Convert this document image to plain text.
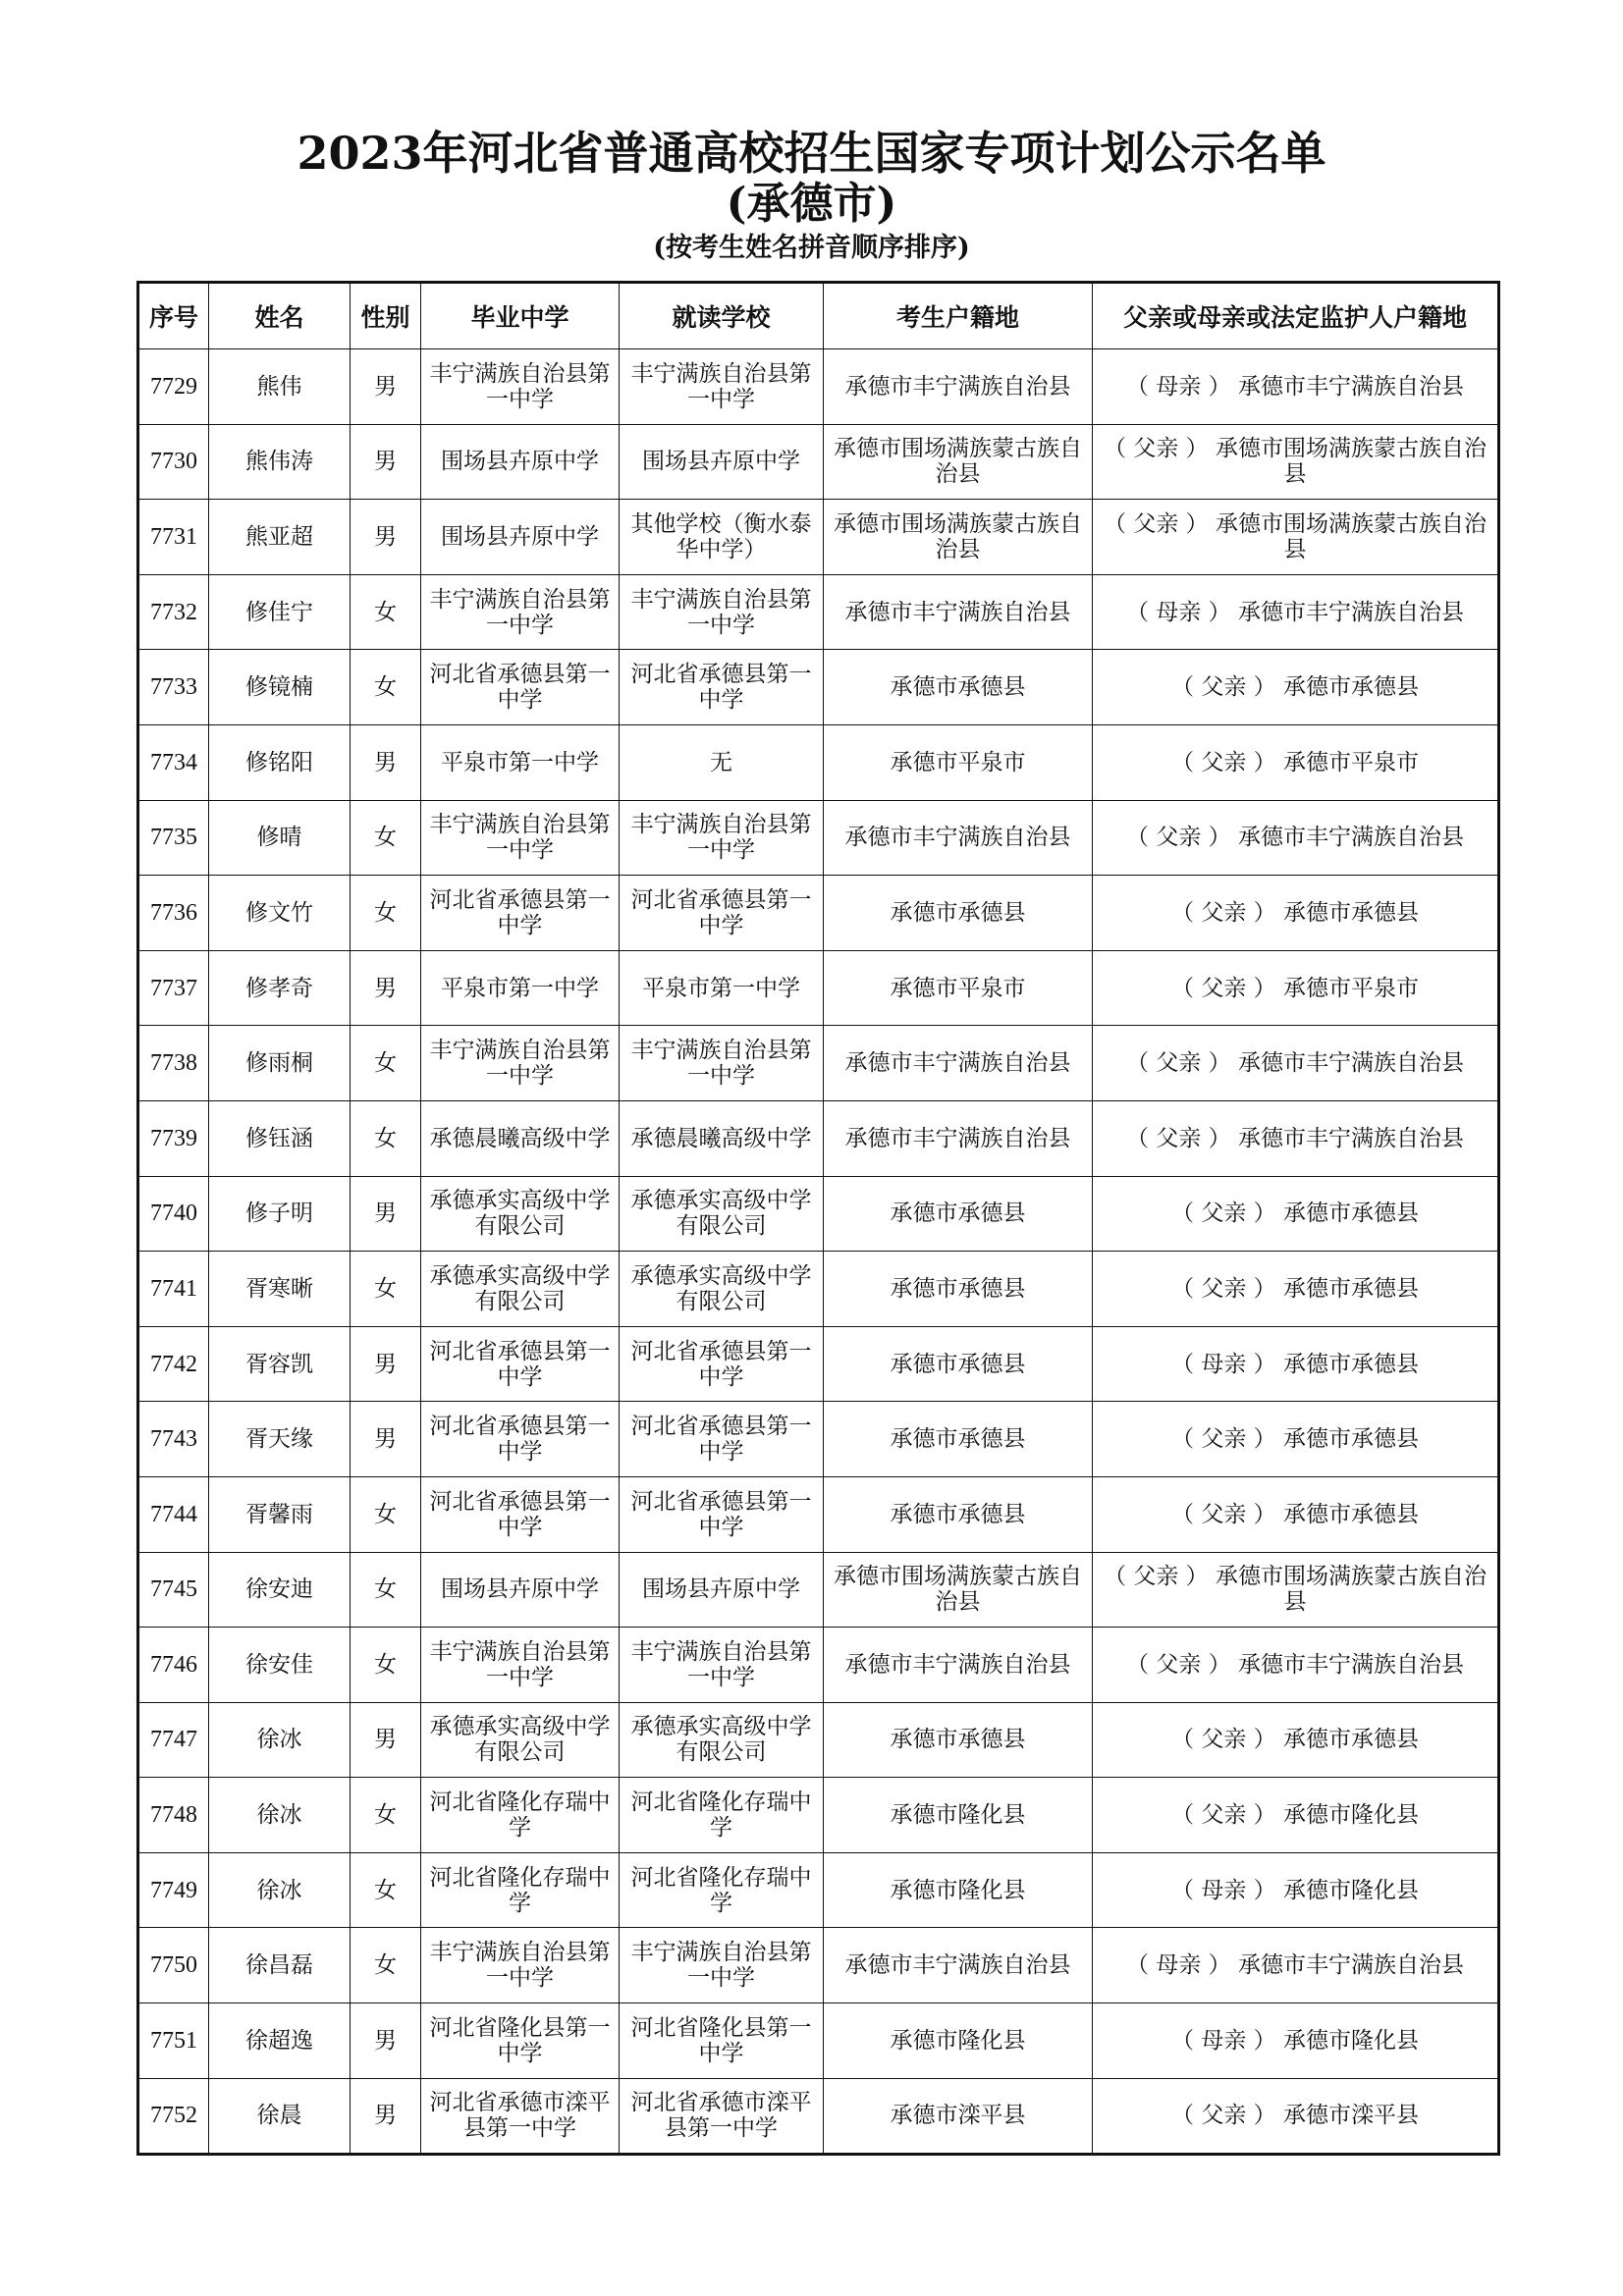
2023年河北省普通高校招生国家专项计划公示名单
(承德市)
(按考生姓名拼音顺序排序)
序号	姓名	性别	毕业中学	就读学校	考生户籍地	父亲或母亲或法定监护人户籍地
7729	熊伟	男	丰宁满族自治县第一中学	丰宁满族自治县第一中学	承德市丰宁满族自治县	（ 母亲 ） 承德市丰宁满族自治县
7730	熊伟涛	男	围场县卉原中学	围场县卉原中学	承德市围场满族蒙古族自治县	（ 父亲 ） 承德市围场满族蒙古族自治县
7731	熊亚超	男	围场县卉原中学	其他学校（衡水泰华中学）	承德市围场满族蒙古族自治县	（ 父亲 ） 承德市围场满族蒙古族自治县
7732	修佳宁	女	丰宁满族自治县第一中学	丰宁满族自治县第一中学	承德市丰宁满族自治县	（ 母亲 ） 承德市丰宁满族自治县
7733	修镜楠	女	河北省承德县第一中学	河北省承德县第一中学	承德市承德县	（ 父亲 ） 承德市承德县
7734	修铭阳	男	平泉市第一中学	无	承德市平泉市	（ 父亲 ） 承德市平泉市
7735	修晴	女	丰宁满族自治县第一中学	丰宁满族自治县第一中学	承德市丰宁满族自治县	（ 父亲 ） 承德市丰宁满族自治县
7736	修文竹	女	河北省承德县第一中学	河北省承德县第一中学	承德市承德县	（ 父亲 ） 承德市承德县
7737	修孝奇	男	平泉市第一中学	平泉市第一中学	承德市平泉市	（ 父亲 ） 承德市平泉市
7738	修雨桐	女	丰宁满族自治县第一中学	丰宁满族自治县第一中学	承德市丰宁满族自治县	（ 父亲 ） 承德市丰宁满族自治县
7739	修钰涵	女	承德晨曦高级中学	承德晨曦高级中学	承德市丰宁满族自治县	（ 父亲 ） 承德市丰宁满族自治县
7740	修子明	男	承德承实高级中学有限公司	承德承实高级中学有限公司	承德市承德县	（ 父亲 ） 承德市承德县
7741	胥寒晰	女	承德承实高级中学有限公司	承德承实高级中学有限公司	承德市承德县	（ 父亲 ） 承德市承德县
7742	胥容凯	男	河北省承德县第一中学	河北省承德县第一中学	承德市承德县	（ 母亲 ） 承德市承德县
7743	胥天缘	男	河北省承德县第一中学	河北省承德县第一中学	承德市承德县	（ 父亲 ） 承德市承德县
7744	胥馨雨	女	河北省承德县第一中学	河北省承德县第一中学	承德市承德县	（ 父亲 ） 承德市承德县
7745	徐安迪	女	围场县卉原中学	围场县卉原中学	承德市围场满族蒙古族自治县	（ 父亲 ） 承德市围场满族蒙古族自治县
7746	徐安佳	女	丰宁满族自治县第一中学	丰宁满族自治县第一中学	承德市丰宁满族自治县	（ 父亲 ） 承德市丰宁满族自治县
7747	徐冰	男	承德承实高级中学有限公司	承德承实高级中学有限公司	承德市承德县	（ 父亲 ） 承德市承德县
7748	徐冰	女	河北省隆化存瑞中学	河北省隆化存瑞中学	承德市隆化县	（ 父亲 ） 承德市隆化县
7749	徐冰	女	河北省隆化存瑞中学	河北省隆化存瑞中学	承德市隆化县	（ 母亲 ） 承德市隆化县
7750	徐昌磊	女	丰宁满族自治县第一中学	丰宁满族自治县第一中学	承德市丰宁满族自治县	（ 母亲 ） 承德市丰宁满族自治县
7751	徐超逸	男	河北省隆化县第一中学	河北省隆化县第一中学	承德市隆化县	（ 母亲 ） 承德市隆化县
7752	徐晨	男	河北省承德市滦平县第一中学	河北省承德市滦平县第一中学	承德市滦平县	（ 父亲 ） 承德市滦平县
